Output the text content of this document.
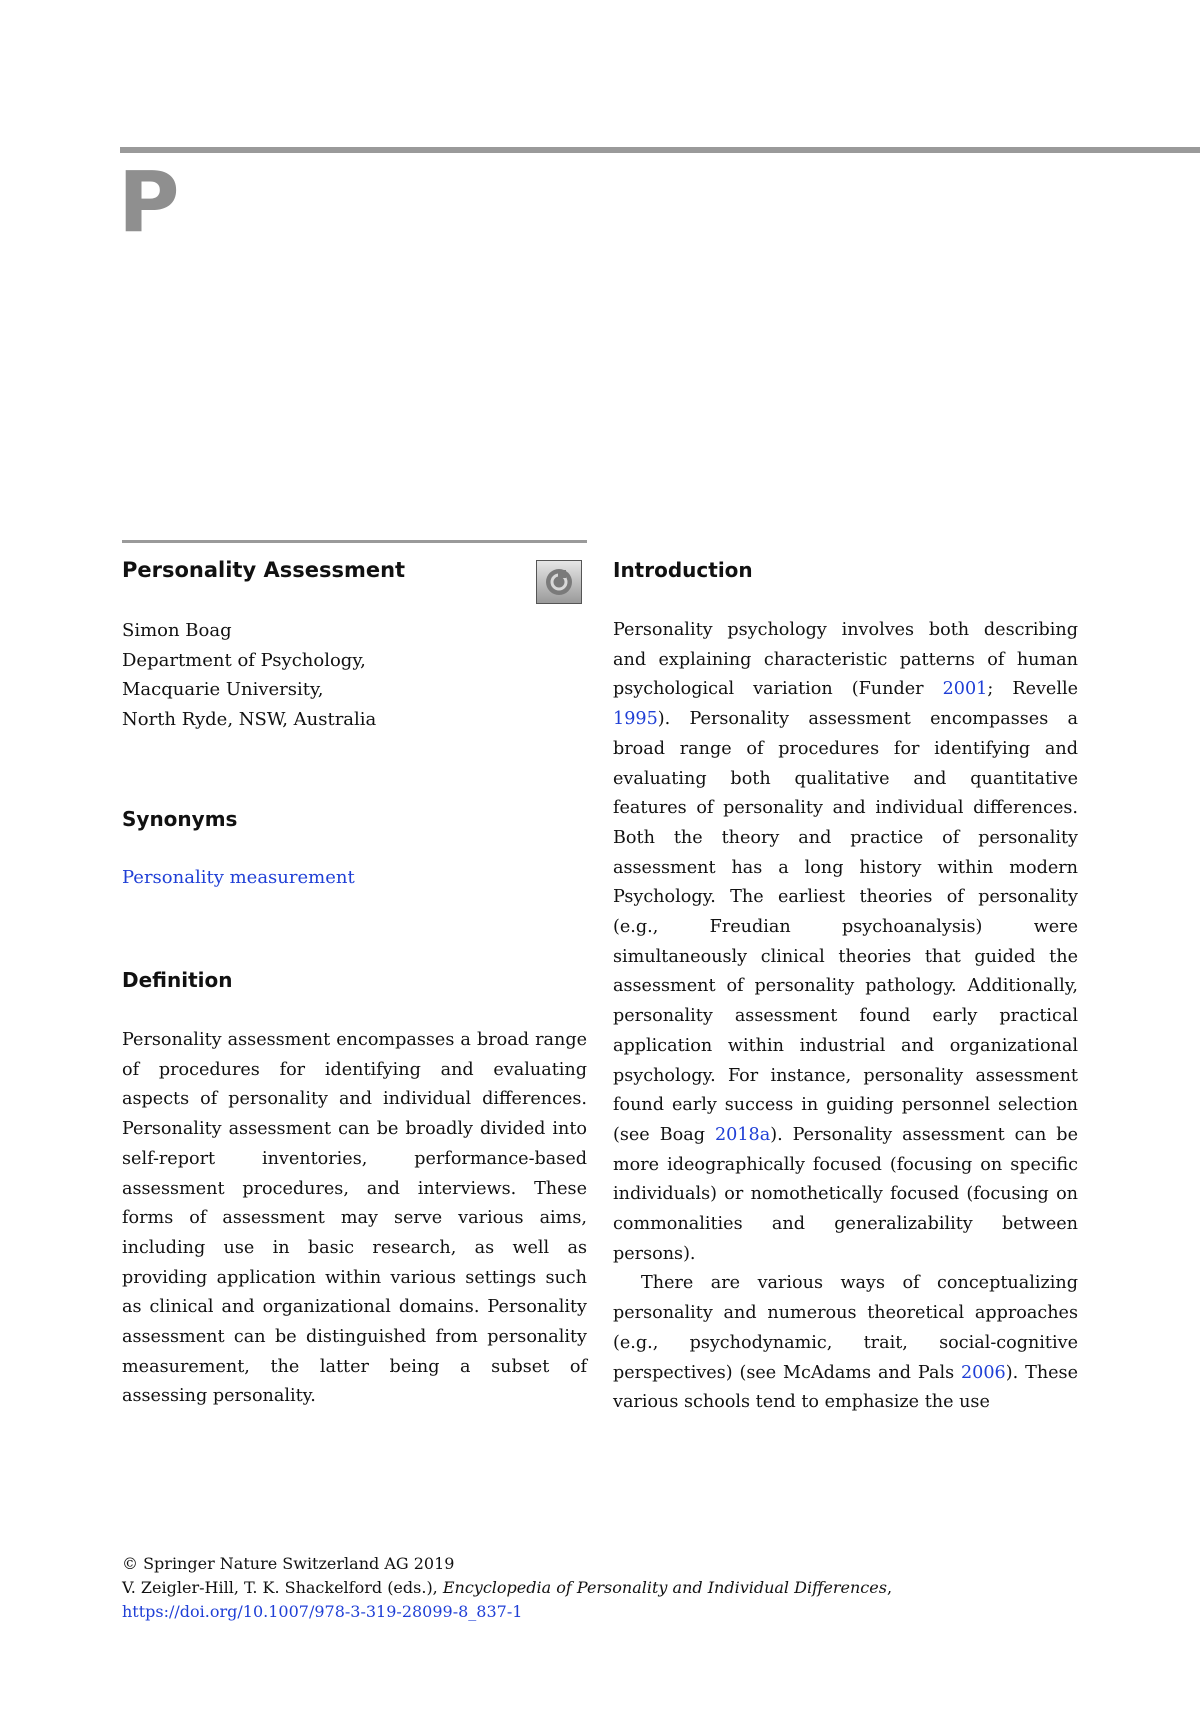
P
Personality Assessment
Simon Boag
Department of Psychology,
Macquarie University,
North Ryde, NSW, Australia
Synonyms
Personality measurement
Definition

Personality assessment encompasses a broad range of procedures for identifying and evaluating aspects of personality and individual differences. Personality assessment can be broadly divided into self-report inventories, performance-based assessment procedures, and interviews. These forms of assessment may serve various aims, including use in basic research, as well as providing application within various settings such as clinical and organizational domains. Personality assessment can be distinguished from personality measurement, the latter being a subset of assessing personality.

Introduction

Personality psychology involves both describing and explaining characteristic patterns of human psychological variation (Funder 2001; Revelle 1995). Personality assessment encompasses a broad range of procedures for identifying and evaluating both qualitative and quantitative features of personality and individual differences. Both the theory and practice of personality assessment has a long history within modern Psychology. The earliest theories of personality (e.g., Freudian psychoanalysis) were simultaneously clinical theories that guided the assessment of personality pathology. Additionally, personality assessment found early practical application within industrial and organizational psychology. For instance, personality assessment found early success in guiding personnel selection (see Boag 2018a). Personality assessment can be more ideographically focused (focusing on specific individuals) or nomothetically focused (focusing on commonalities and generalizability between persons).

There are various ways of conceptualizing personality and numerous theoretical approaches (e.g., psychodynamic, trait, social-cognitive perspectives) (see McAdams and Pals 2006). These various schools tend to emphasize the use

© Springer Nature Switzerland AG 2019
V. Zeigler-Hill, T. K. Shackelford (eds.), Encyclopedia of Personality and Individual Differences,
https://doi.org/10.1007/978-3-319-28099-8_837-1
